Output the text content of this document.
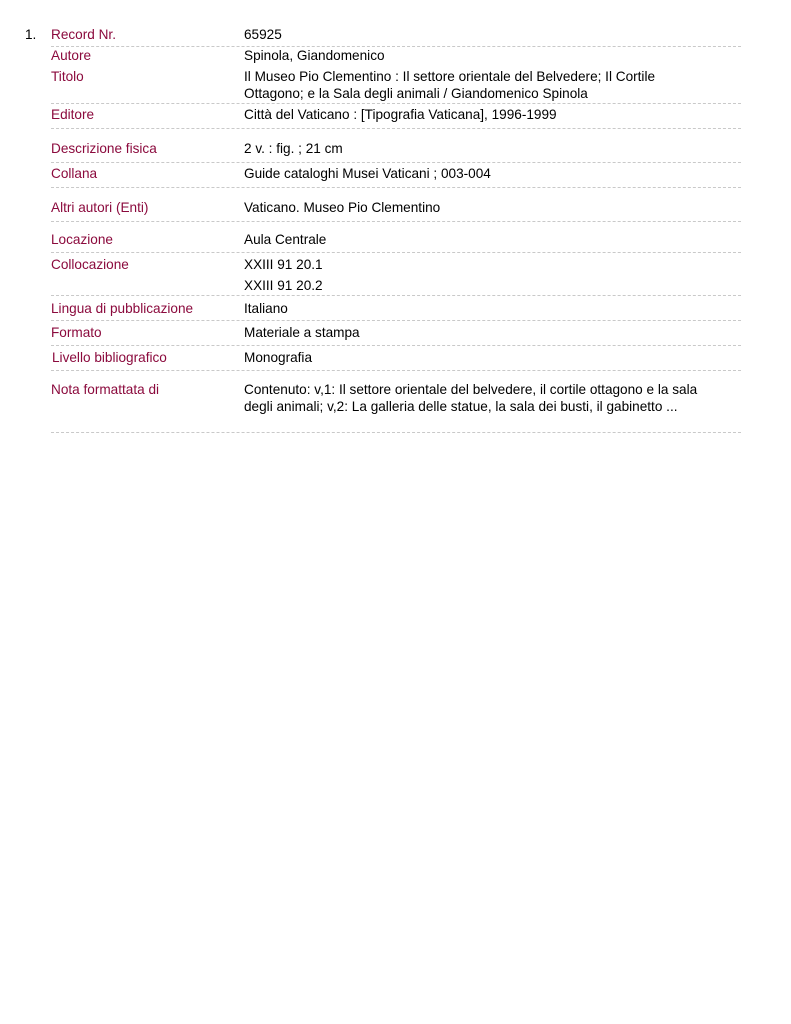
1. Record Nr.	65925
Autore	Spinola, Giandomenico
Titolo	Il Museo Pio Clementino : Il settore orientale del Belvedere; Il Cortile Ottagono; e la Sala degli animali / Giandomenico Spinola
Editore	Città del Vaticano : [Tipografia Vaticana], 1996-1999
Descrizione fisica	2 v. : fig. ; 21 cm
Collana	Guide cataloghi Musei Vaticani ; 003-004
Altri autori (Enti)	Vaticano. Museo Pio Clementino
Locazione	Aula Centrale
Collocazione	XXIII 91 20.1
XXIII 91 20.2
Lingua di pubblicazione	Italiano
Formato	Materiale a stampa
Livello bibliografico	Monografia
Nota formattata di	Contenuto: v,1: Il settore orientale del belvedere, il cortile ottagono e la sala degli animali; v,2: La galleria delle statue, la sala dei busti, il gabinetto ...
